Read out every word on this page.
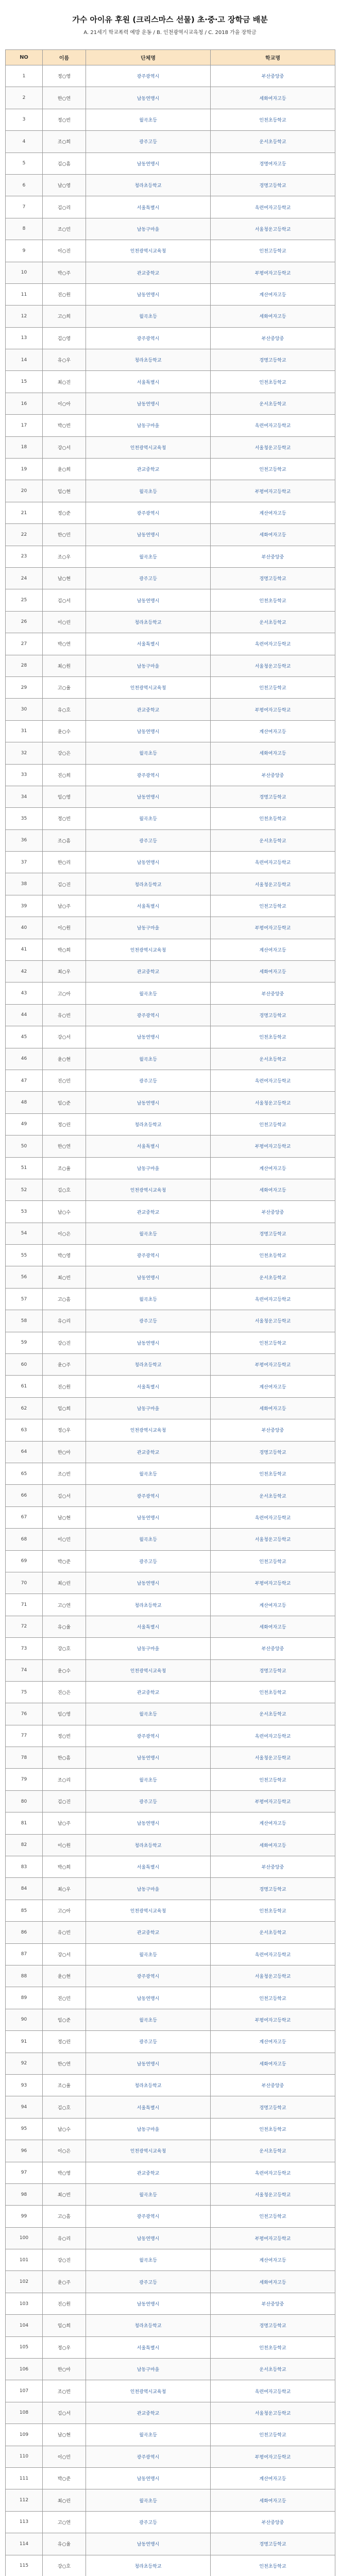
가수 아이유 후원 (크리스마스 선물) 초‧중‧고 장학금 배분
A. 21세기 학교폭력 예방 운동 / B. 인천광역시교육청 / C. 2018 가을 장학금
NO	이름	단체명	학교명
1	정○영	광주광역시	부산중앙중
2	한○연	남동연맹시	세화여자고등
3	정○빈	월곡초등	인천초등학교
4	조○희	광주고등	운서초등학교
5	김○흠	남동연맹시	경명여자고등
6	남○영	청라초등학교	경명고등학교
7	김○리	서울특별시	옥련여자고등학교
8	조○민	남동구마을	서울청운고등학교
9	이○진	인천광역시교육청	인천고등학교
10	박○주	관교중학교	부평여자고등학교
11	진○원	남동연맹시	계산여자고등
12	고○희	월곡초등	세화여자고등
13	김○영	광주광역시	부산중앙중
14	유○우	청라초등학교	경명고등학교
15	최○진	서울특별시	인천초등학교
16	이○아	남동연맹시	운서초등학교
17	박○빈	남동구마을	옥련여자고등학교
18	강○서	인천광역시교육청	서울청운고등학교
19	윤○희	관교중학교	인천고등학교
20	임○현	월곡초등	부평여자고등학교
21	정○준	광주광역시	계산여자고등
22	한○민	남동연맹시	세화여자고등
23	조○우	월곡초등	부산중앙중
24	남○현	광주고등	경명고등학교
25	김○서	남동연맹시	인천초등학교
26	이○린	청라초등학교	운서초등학교
27	박○연	서울특별시	옥련여자고등학교
28	최○원	남동구마을	서울청운고등학교
29	고○율	인천광역시교육청	인천고등학교
30	유○호	관교중학교	부평여자고등학교
31	윤○수	남동연맹시	계산여자고등
32	강○은	월곡초등	세화여자고등
33	진○희	광주광역시	부산중앙중
34	임○영	남동연맹시	경명고등학교
35	정○빈	월곡초등	인천초등학교
36	조○흠	광주고등	운서초등학교
37	한○리	남동연맹시	옥련여자고등학교
38	김○진	청라초등학교	서울청운고등학교
39	남○주	서울특별시	인천고등학교
40	이○원	남동구마을	부평여자고등학교
41	박○희	인천광역시교육청	계산여자고등
42	최○우	관교중학교	세화여자고등
43	고○아	월곡초등	부산중앙중
44	유○빈	광주광역시	경명고등학교
45	강○서	남동연맹시	인천초등학교
46	윤○현	월곡초등	운서초등학교
47	진○민	광주고등	옥련여자고등학교
48	임○준	남동연맹시	서울청운고등학교
49	정○린	청라초등학교	인천고등학교
50	한○연	서울특별시	부평여자고등학교
51	조○율	남동구마을	계산여자고등
52	김○호	인천광역시교육청	세화여자고등
53	남○수	관교중학교	부산중앙중
54	이○은	월곡초등	경명고등학교
55	박○영	광주광역시	인천초등학교
56	최○빈	남동연맹시	운서초등학교
57	고○흠	월곡초등	옥련여자고등학교
58	유○리	광주고등	서울청운고등학교
59	강○진	남동연맹시	인천고등학교
60	윤○주	청라초등학교	부평여자고등학교
61	진○원	서울특별시	계산여자고등
62	임○희	남동구마을	세화여자고등
63	정○우	인천광역시교육청	부산중앙중
64	한○아	관교중학교	경명고등학교
65	조○빈	월곡초등	인천초등학교
66	김○서	광주광역시	운서초등학교
67	남○현	남동연맹시	옥련여자고등학교
68	이○민	월곡초등	서울청운고등학교
69	박○준	광주고등	인천고등학교
70	최○린	남동연맹시	부평여자고등학교
71	고○연	청라초등학교	계산여자고등
72	유○율	서울특별시	세화여자고등
73	강○호	남동구마을	부산중앙중
74	윤○수	인천광역시교육청	경명고등학교
75	진○은	관교중학교	인천초등학교
76	임○영	월곡초등	운서초등학교
77	정○빈	광주광역시	옥련여자고등학교
78	한○흠	남동연맹시	서울청운고등학교
79	조○리	월곡초등	인천고등학교
80	김○진	광주고등	부평여자고등학교
81	남○주	남동연맹시	계산여자고등
82	이○원	청라초등학교	세화여자고등
83	박○희	서울특별시	부산중앙중
84	최○우	남동구마을	경명고등학교
85	고○아	인천광역시교육청	인천초등학교
86	유○빈	관교중학교	운서초등학교
87	강○서	월곡초등	옥련여자고등학교
88	윤○현	광주광역시	서울청운고등학교
89	진○민	남동연맹시	인천고등학교
90	임○준	월곡초등	부평여자고등학교
91	정○린	광주고등	계산여자고등
92	한○연	남동연맹시	세화여자고등
93	조○율	청라초등학교	부산중앙중
94	김○호	서울특별시	경명고등학교
95	남○수	남동구마을	인천초등학교
96	이○은	인천광역시교육청	운서초등학교
97	박○영	관교중학교	옥련여자고등학교
98	최○빈	월곡초등	서울청운고등학교
99	고○흠	광주광역시	인천고등학교
100	유○리	남동연맹시	부평여자고등학교
101	강○진	월곡초등	계산여자고등
102	윤○주	광주고등	세화여자고등
103	진○원	남동연맹시	부산중앙중
104	임○희	청라초등학교	경명고등학교
105	정○우	서울특별시	인천초등학교
106	한○아	남동구마을	운서초등학교
107	조○빈	인천광역시교육청	옥련여자고등학교
108	김○서	관교중학교	서울청운고등학교
109	남○현	월곡초등	인천고등학교
110	이○민	광주광역시	부평여자고등학교
111	박○준	남동연맹시	계산여자고등
112	최○린	월곡초등	세화여자고등
113	고○연	광주고등	부산중앙중
114	유○율	남동연맹시	경명고등학교
115	강○호	청라초등학교	인천초등학교
